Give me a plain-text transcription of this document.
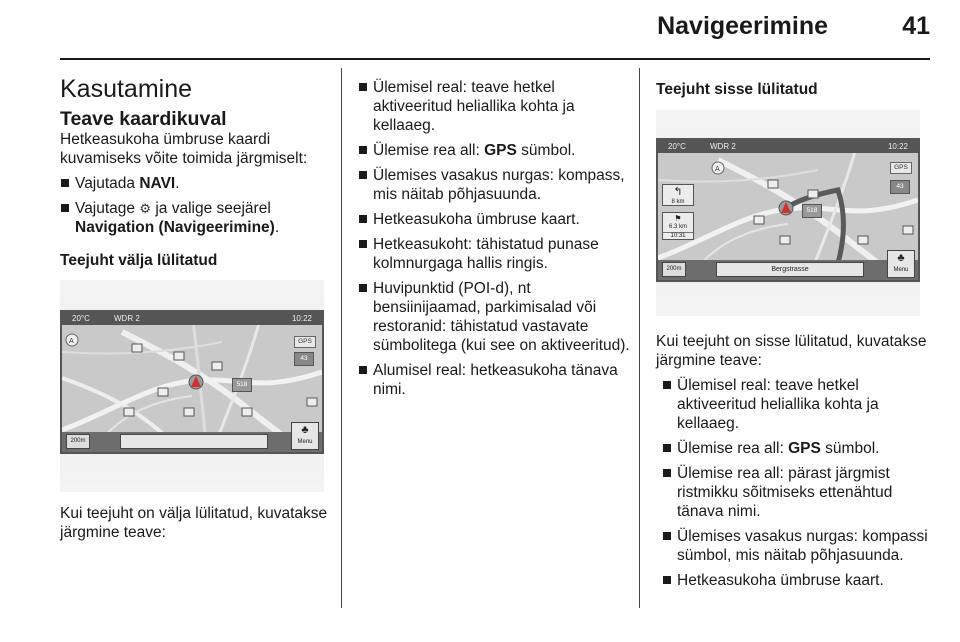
Navigeerimine	41
Kasutamine
Teave kaardikuval

Hetkeasukoha ümbruse kaardi kuvamiseks võite toimida järgmiselt:

Vajutada NAVI.
Vajutage ⚙ ja valige seejärel
Navigation (Navigeerimine).
Teejuht välja lülitatud
A
20°C	WDR 2	10:22
GPS
43
518
200m
♣
Menu

Kui teejuht on välja lülitatud, kuvatakse järgmine teave:

Ülemisel real: teave hetkel aktiveeritud heliallika kohta ja kellaaeg.
Ülemise rea all: GPS sümbol.
Ülemises vasakus nurgas: kompass, mis näitab põhjasuunda.
Hetkeasukoha ümbruse kaart.
Hetkeasukoht: tähistatud punase kolmnurgaga hallis ringis.
Huvipunktid (POI-d), nt bensiinijaamad, parkimisalad või restoranid: tähistatud vastavate sümbolitega (kui see on aktiveeritud).
Alumisel real: hetkeasukoha tänava nimi.
Teejuht sisse lülitatud
A
20°C	WDR 2	10:22
GPS
43
518
↰
8 km
⚑
6.3 km
10:31
200m	Bergstrasse
♣
Menu

Kui teejuht on sisse lülitatud, kuvatakse järgmine teave:

Ülemisel real: teave hetkel aktiveeritud heliallika kohta ja kellaaeg.
Ülemise rea all: GPS sümbol.
Ülemise rea all: pärast järgmist ristmikku sõitmiseks ettenähtud tänava nimi.
Ülemises vasakus nurgas: kompassi sümbol, mis näitab põhjasuunda.
Hetkeasukoha ümbruse kaart.
